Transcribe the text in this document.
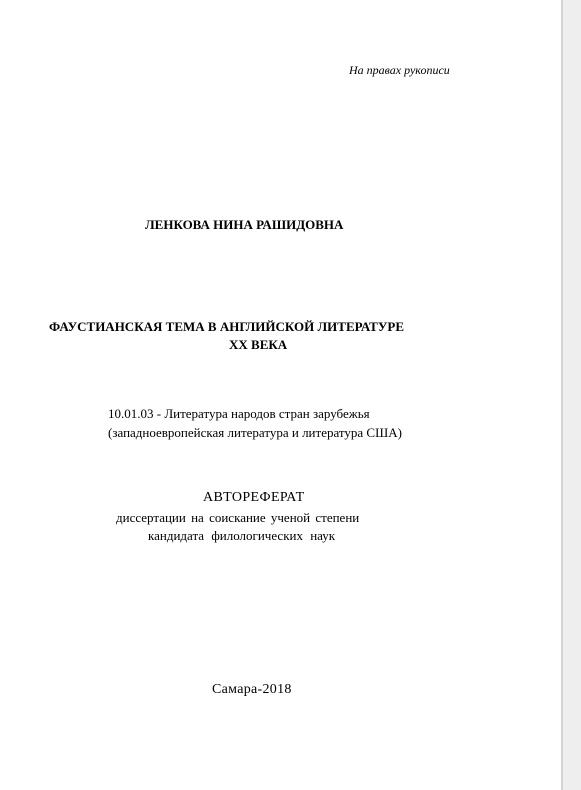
На правах рукописи
ЛЕНКОВА НИНА РАШИДОВНА
ФАУСТИАНСКАЯ ТЕМА В АНГЛИЙСКОЙ ЛИТЕРАТУРЕ
XX ВЕКА
10.01.03 - Литература народов стран зарубежья
(западноевропейская литература и литература США)
АВТОРЕФЕРАТ
диссертации на соискание ученой степени
кандидата филологических наук
Самара-2018
